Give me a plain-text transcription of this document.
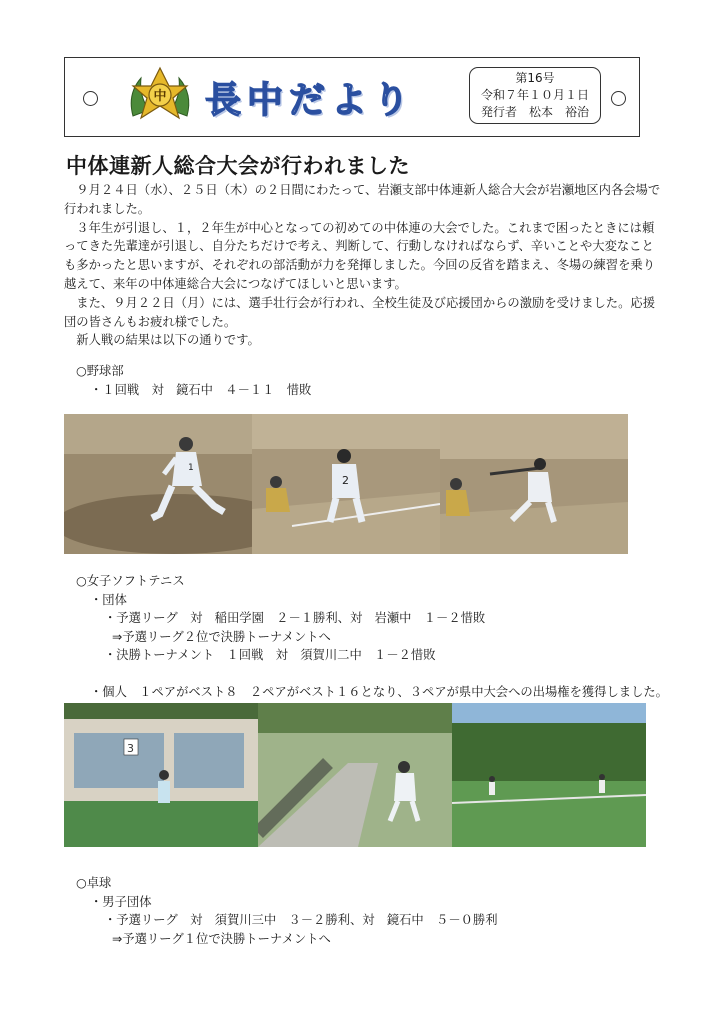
中 長中だより
第16号
令和７年１０月１日
発行者　松本　裕治
中体連新人総合大会が行われました

９月２４日（水）、２５日（木）の２日間にわたって、岩瀬支部中体連新人総合大会が岩瀬地区内各会場で行われました。

３年生が引退し、１，２年生が中心となっての初めての中体連の大会でした。これまで困ったときには頼ってきた先輩達が引退し、自分たちだけで考え、判断して、行動しなければならず、辛いことや大変なことも多かったと思いますが、それぞれの部活動が力を発揮しました。今回の反省を踏まえ、冬場の練習を乗り越えて、来年の中体連総合大会につなげてほしいと思います。

また、９月２２日（月）には、選手壮行会が行われ、全校生徒及び応援団からの激励を受けました。応援団の皆さんもお疲れ様でした。

新人戦の結果は以下の通りです。

○野球部
・１回戦　対　鏡石中　４－１１　惜敗
1
2
○女子ソフトテニス
・団体
・予選リーグ　対　稲田学園　２－１勝利、対　岩瀬中　１－２惜敗
⇒予選リーグ２位で決勝トーナメントへ
・決勝トーナメント　１回戦　対　須賀川二中　１－２惜敗
・個人　１ペアがベスト８　２ペアがベスト１６となり、３ペアが県中大会への出場権を獲得しました。
3
○卓球
・男子団体
・予選リーグ　対　須賀川三中　３－２勝利、対　鏡石中　５－０勝利
⇒予選リーグ１位で決勝トーナメントへ
